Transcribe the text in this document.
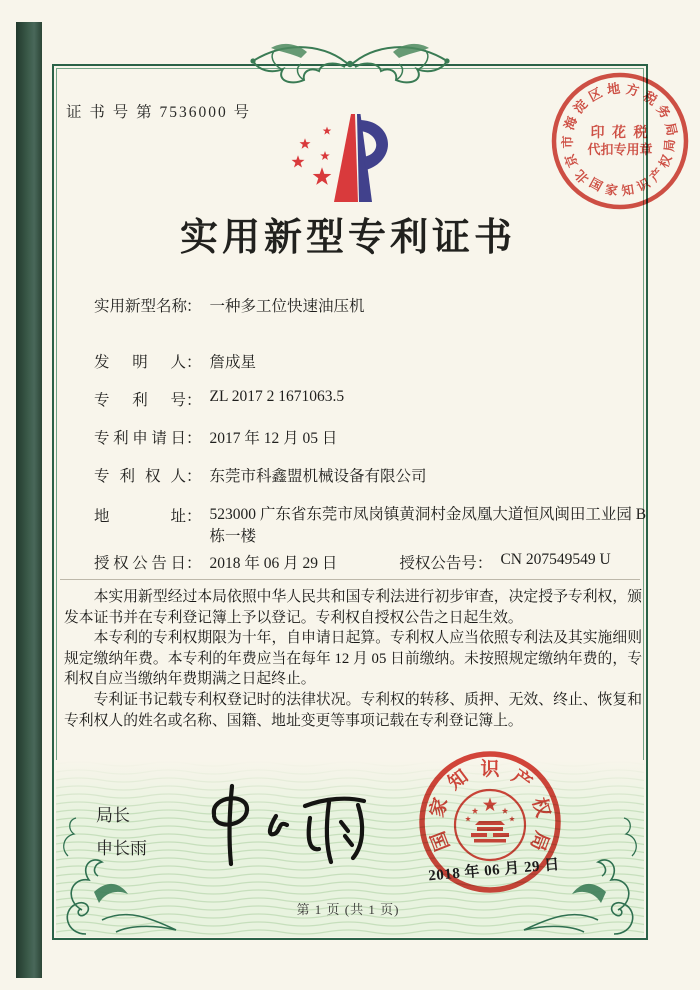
证 书 号 第 7536000 号
北
京
市
海
淀
区 地 方 税
务
局
国 家 知 识
产
权
局
印 花 税
代扣专用章
实用新型专利证书
实用新型名称： 一种多工位快速油压机
发明人： 詹成星
专利号： ZL 2017 2 1671063.5
专利申请日： 2017 年 12 月 05 日
专利权人： 东莞市科鑫盟机械设备有限公司
地址： 523000 广东省东莞市凤岗镇黄洞村金凤凰大道恒风闽田工业园 B 栋一楼
授权公告日： 2018 年 06 月 29 日	授权公告号： CN 207549549 U

本实用新型经过本局依照中华人民共和国专利法进行初步审查，决定授予专利权，颁发本证书并在专利登记簿上予以登记。专利权自授权公告之日起生效。

本专利的专利权期限为十年，自申请日起算。专利权人应当依照专利法及其实施细则规定缴纳年费。本专利的年费应当在每年 12 月 05 日前缴纳。未按照规定缴纳年费的，专利权自应当缴纳年费期满之日起终止。

专利证书记载专利权登记时的法律状况。专利权的转移、质押、无效、终止、恢复和专利权人的姓名或名称、国籍、地址变更等事项记载在专利登记簿上。

局长
申长雨	国
家
知 识 产
权
局
2018 年 06 月 29 日
第 1 页 (共 1 页)
